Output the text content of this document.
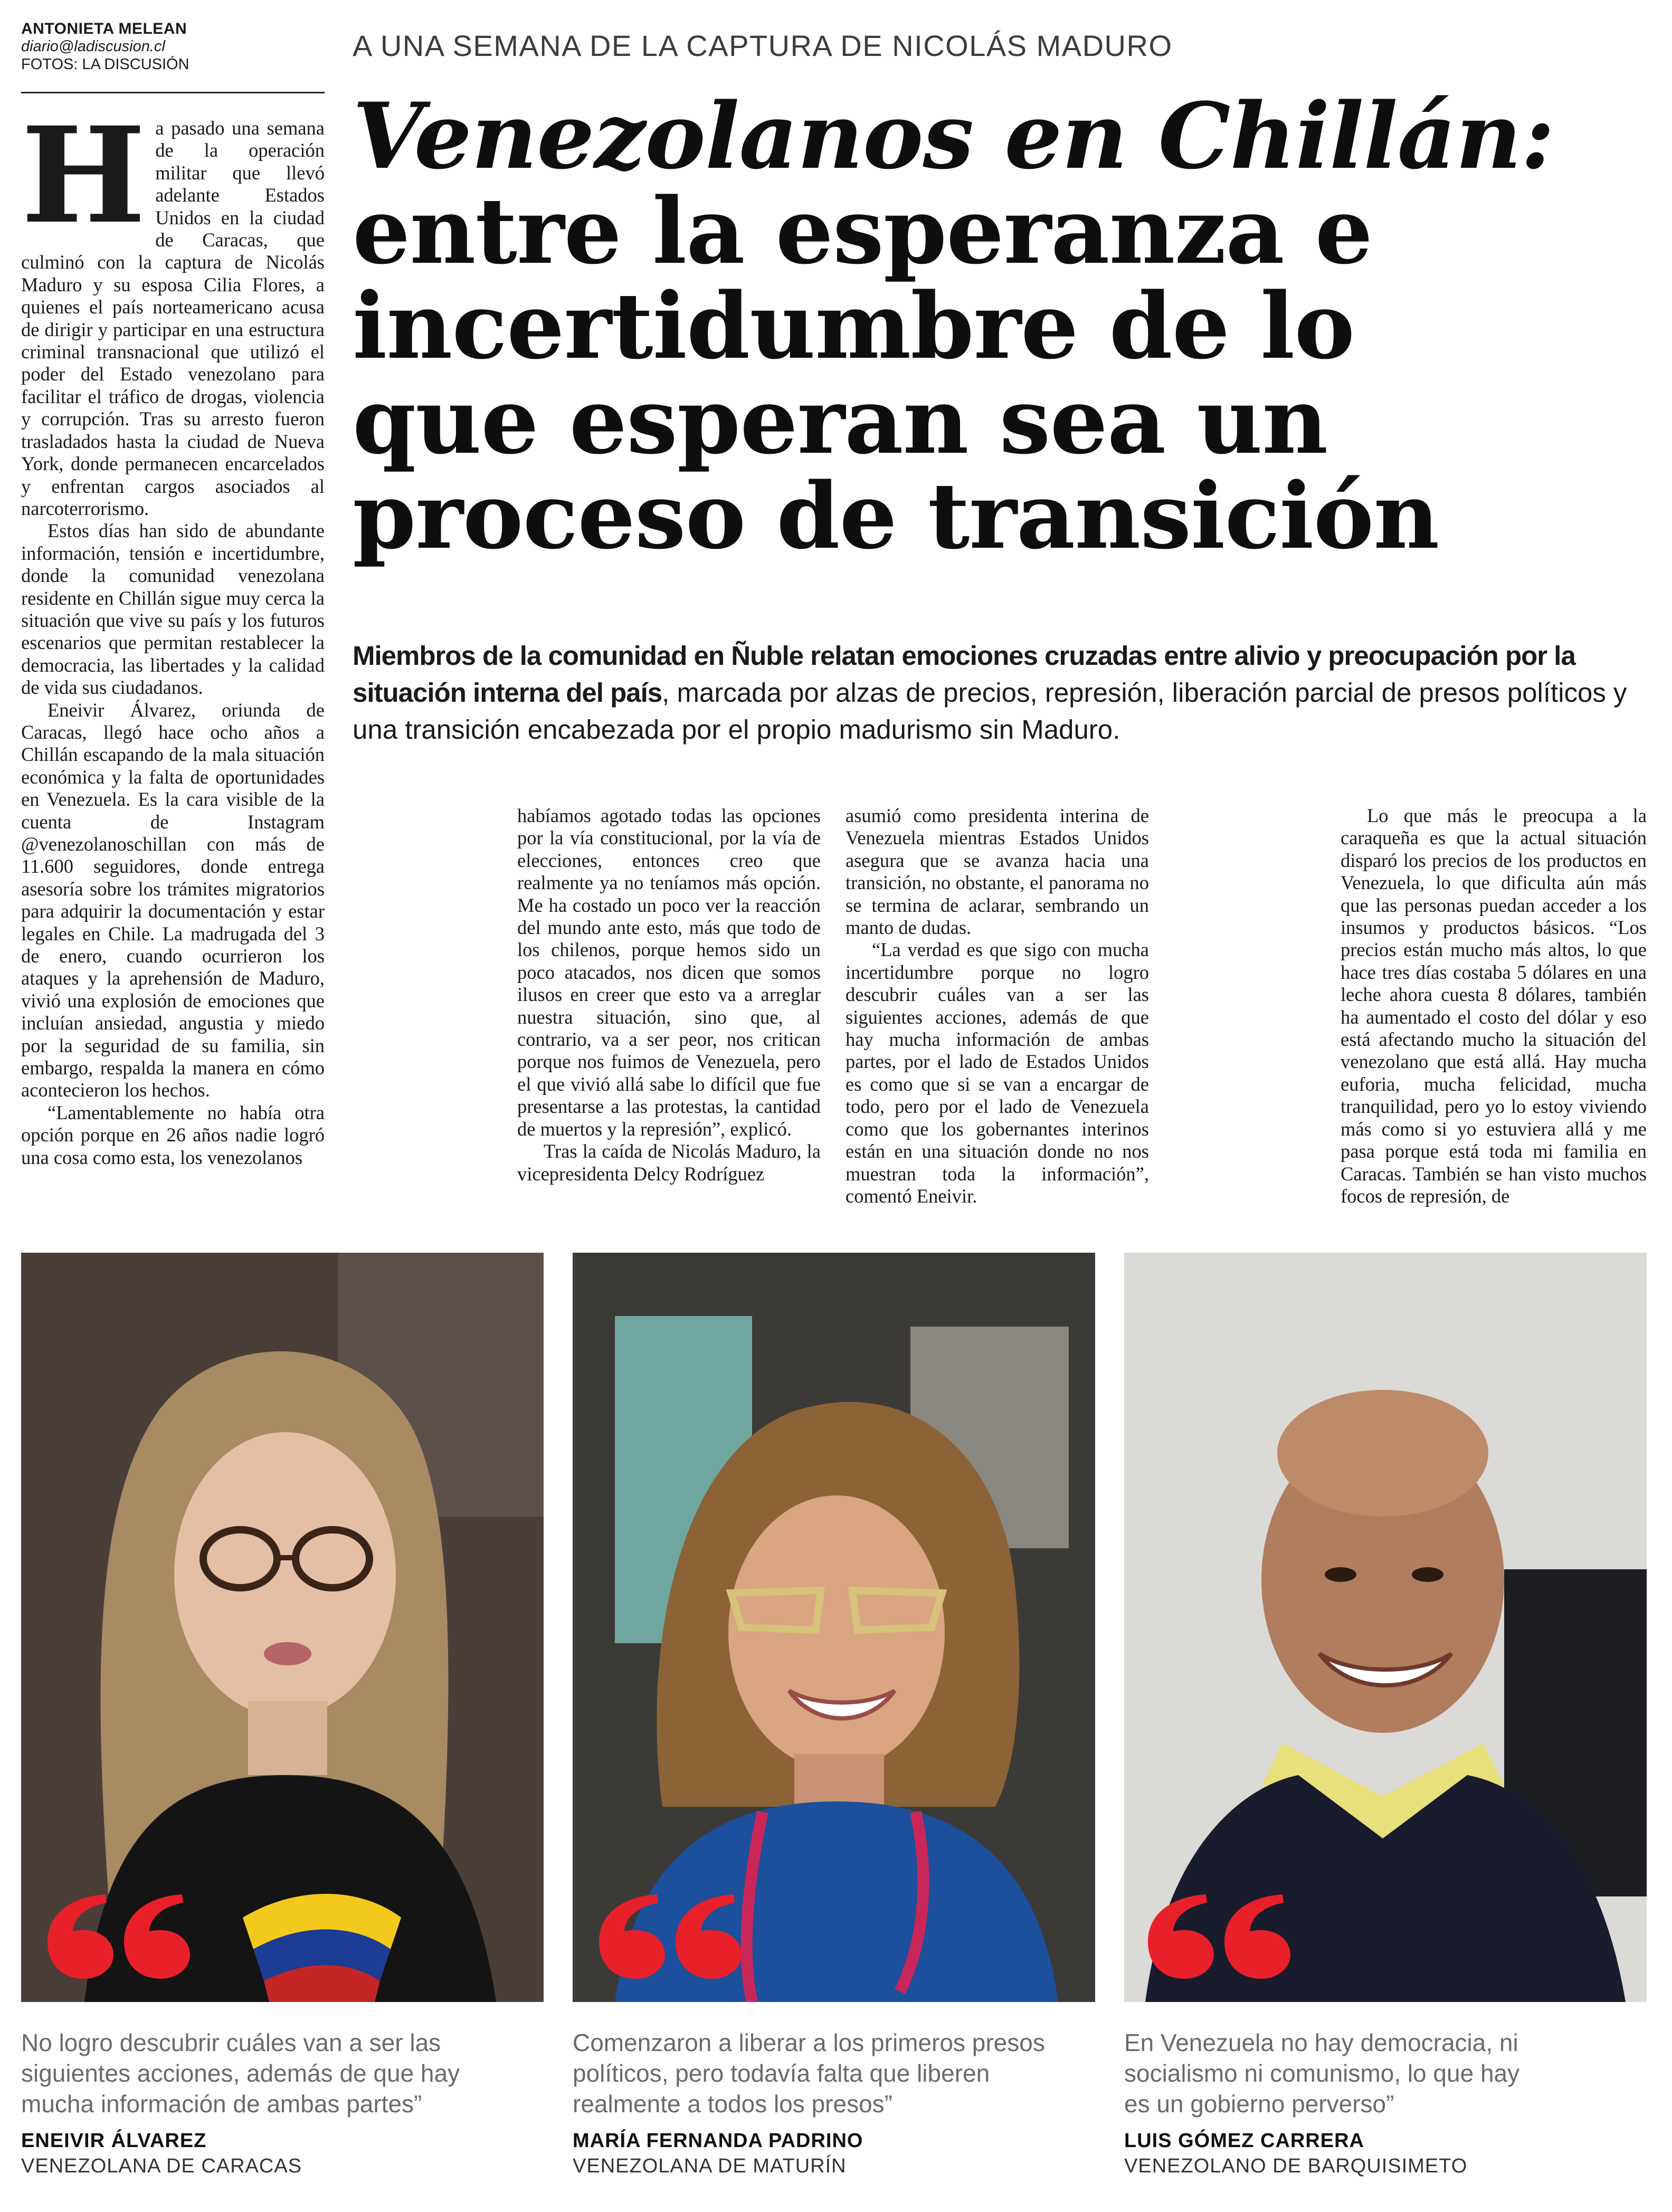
ANTONIETA MELEAN
diario@ladiscusion.cl
FOTOS: LA DISCUSIÓN
A UNA SEMANA DE LA CAPTURA DE NICOLÁS MADURO
Venezolanos en Chillán:
entre la esperanza e
incertidumbre de lo
que esperan sea un
proceso de transición
Miembros de la comunidad en Ñuble relatan emociones cruzadas entre alivio y preocupación por la situación interna del país, marcada por alzas de precios, represión, liberación parcial de presos políticos y una transición encabezada por el propio madurismo sin Maduro.

Ha pasado una semana de la operación militar que llevó adelante Estados Unidos en la ciudad de Caracas, que culminó con la captura de Nicolás Maduro y su esposa Cilia Flores, a quienes el país norteamericano acusa de dirigir y participar en una estructura criminal transnacional que utilizó el poder del Estado venezolano para facilitar el tráfico de drogas, violencia y corrupción. Tras su arresto fueron trasladados hasta la ciudad de Nueva York, donde permanecen encarcelados y enfrentan cargos asociados al narcoterrorismo.

Estos días han sido de abundante información, tensión e incertidumbre, donde la comunidad venezolana residente en Chillán sigue muy cerca la situación que vive su país y los futuros escenarios que permitan restablecer la democracia, las libertades y la calidad de vida sus ciudadanos.

Eneivir Álvarez, oriunda de Caracas, llegó hace ocho años a Chillán escapando de la mala situación económica y la falta de oportunidades en Venezuela. Es la cara visible de la cuenta de Instagram @venezolanoschillan con más de 11.600 seguidores, donde entrega asesoría sobre los trámites migratorios para adquirir la documentación y estar legales en Chile. La madrugada del 3 de enero, cuando ocurrieron los ataques y la aprehensión de Maduro, vivió una explosión de emociones que incluían ansiedad, angustia y miedo por la seguridad de su familia, sin embargo, respalda la manera en cómo acontecieron los hechos.

“Lamentablemente no había otra opción porque en 26 años nadie logró una cosa como esta, los venezolanos

habíamos agotado todas las opciones por la vía constitucional, por la vía de elecciones, entonces creo que realmente ya no teníamos más opción. Me ha costado un poco ver la reacción del mundo ante esto, más que todo de los chilenos, porque hemos sido un poco atacados, nos dicen que somos ilusos en creer que esto va a arreglar nuestra situación, sino que, al contrario, va a ser peor, nos critican porque nos fuimos de Venezuela, pero el que vivió allá sabe lo difícil que fue presentarse a las protestas, la cantidad de muertos y la represión”, explicó.

Tras la caída de Nicolás Maduro, la vicepresidenta Delcy Rodríguez

asumió como presidenta interina de Venezuela mientras Estados Unidos asegura que se avanza hacia una transición, no obstante, el panorama no se termina de aclarar, sembrando un manto de dudas.

“La verdad es que sigo con mucha incertidumbre porque no logro descubrir cuáles van a ser las siguientes acciones, además de que hay mucha información de ambas partes, por el lado de Estados Unidos es como que si se van a encargar de todo, pero por el lado de Venezuela como que los gobernantes interinos están en una situación donde no nos muestran toda la información”, comentó Eneivir.

Lo que más le preocupa a la caraqueña es que la actual situación disparó los precios de los productos en Venezuela, lo que dificulta aún más que las personas puedan acceder a los insumos y productos básicos. “Los precios están mucho más altos, lo que hace tres días costaba 5 dólares en una leche ahora cuesta 8 dólares, también ha aumentado el costo del dólar y eso está afectando mucho la situación del venezolano que está allá. Hay mucha euforia, mucha felicidad, mucha tranquilidad, pero yo lo estoy viviendo más como si yo estuviera allá y me pasa porque está toda mi familia en Caracas. También se han visto muchos focos de represión, de

No logro descubrir cuáles van a ser las siguientes acciones, además de que hay mucha información de ambas partes”
ENEIVIR ÁLVAREZ
VENEZOLANA DE CARACAS
Comenzaron a liberar a los primeros presos políticos, pero todavía falta que liberen realmente a todos los presos”
MARÍA FERNANDA PADRINO
VENEZOLANA DE MATURÍN
En Venezuela no hay democracia, ni socialismo ni comunismo, lo que hay es un gobierno perverso”
LUIS GÓMEZ CARRERA
VENEZOLANO DE BARQUISIMETO
